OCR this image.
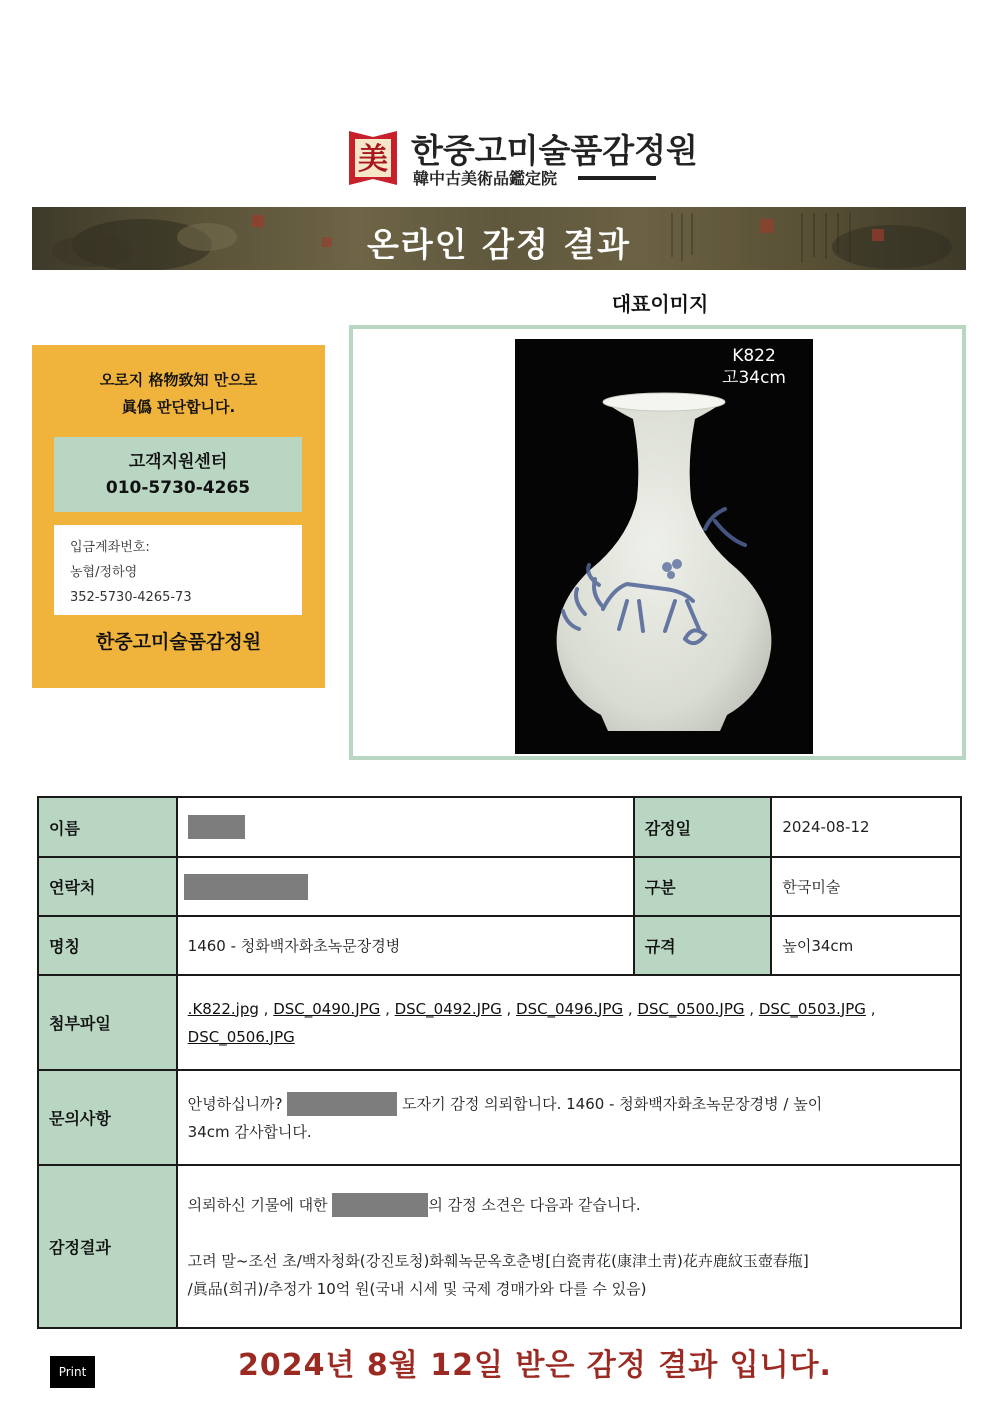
美 한중고미술품감정원
韓中古美術品鑑定院
온라인 감정 결과
대표이미지
오로지 格物致知 만으로
眞僞 판단합니다.
고객지원센터
010-5730-4265
입금계좌번호:
농협/정하영
352-5730-4265-73
한중고미술품감정원
K822
고34cm
이름		감정일	2024-08-12
연락처		구분	한국미술
명칭	1460 - 청화백자화초녹문장경병	규격	높이34cm
첨부파일	.K822.jpg , DSC_0490.JPG , DSC_0492.JPG , DSC_0496.JPG , DSC_0500.JPG , DSC_0503.JPG ,
DSC_0506.JPG		
문의사항	안녕하십니까? 도자기 감정 의뢰합니다. 1460 - 청화백자화초녹문장경병 / 높이
34cm 감사합니다.		
감정결과	의뢰하신 기물에 대한 의 감정 소견은 다음과 같습니다.

고려 말~조선 초/백자청화(강진토청)화훼녹문옥호춘병[白瓷靑花(康津土靑)花卉鹿紋玉壺春甁]
/眞品(희귀)/추정가 10억 원(국내 시세 및 국제 경매가와 다를 수 있음)		
2024년 8월 12일 받은 감정 결과 입니다.
Print
